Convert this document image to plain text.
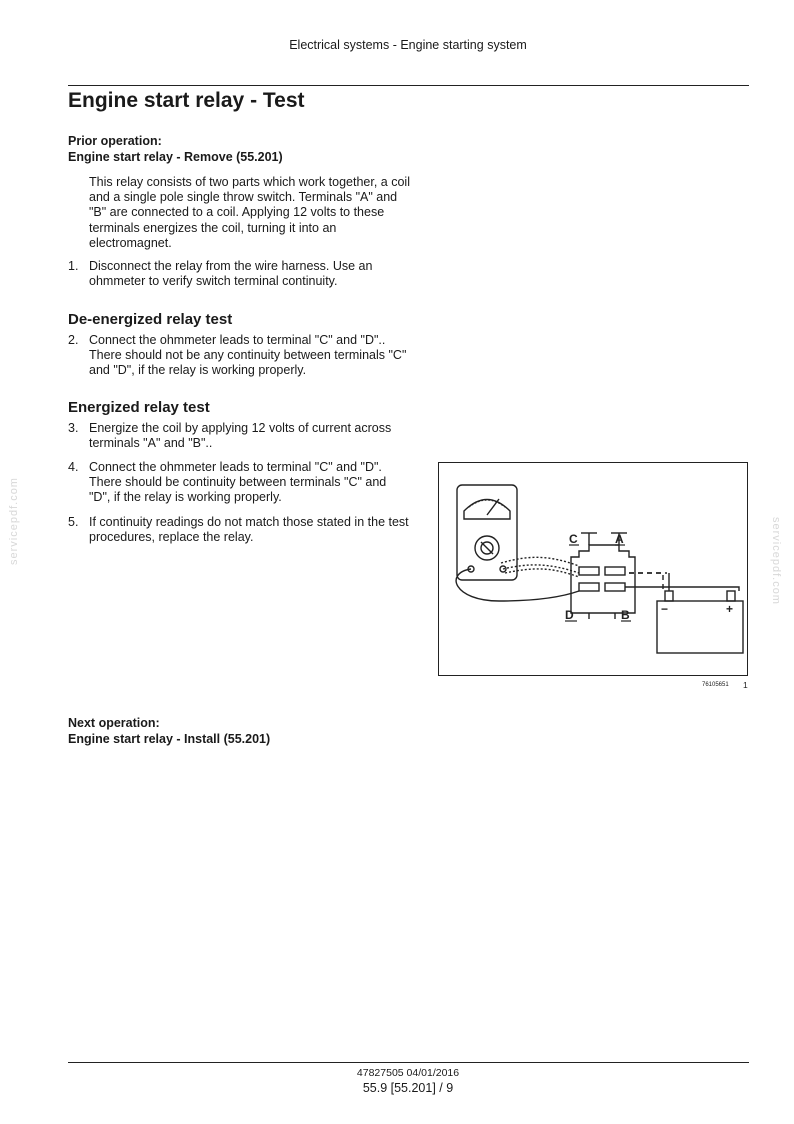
Electrical systems - Engine starting system
Engine start relay - Test
Prior operation:
Engine start relay - Remove (55.201)

This relay consists of two parts which work together, a coil and a single pole single throw switch. Terminals "A" and "B" are connected to a coil. Applying 12 volts to these terminals energizes the coil, turning it into an electromagnet.

1. Disconnect the relay from the wire harness. Use an ohmmeter to verify switch terminal continuity.
De-energized relay test
2. Connect the ohmmeter leads to terminal "C" and "D".. There should not be any continuity between terminals "C" and "D", if the relay is working properly.
Energized relay test
3. Energize the coil by applying 12 volts of current across terminals "A" and "B"..
4. Connect the ohmmeter leads to terminal "C" and "D". There should be continuity between terminals "C" and "D", if the relay is working properly.
5. If continuity readings do not match those stated in the test procedures, replace the relay.	C	A
D	B	−	+
76105651 1
Next operation:
Engine start relay - Install (55.201)
servicepdf.com	servicepdf.com
47827505 04/01/2016
55.9 [55.201] / 9
